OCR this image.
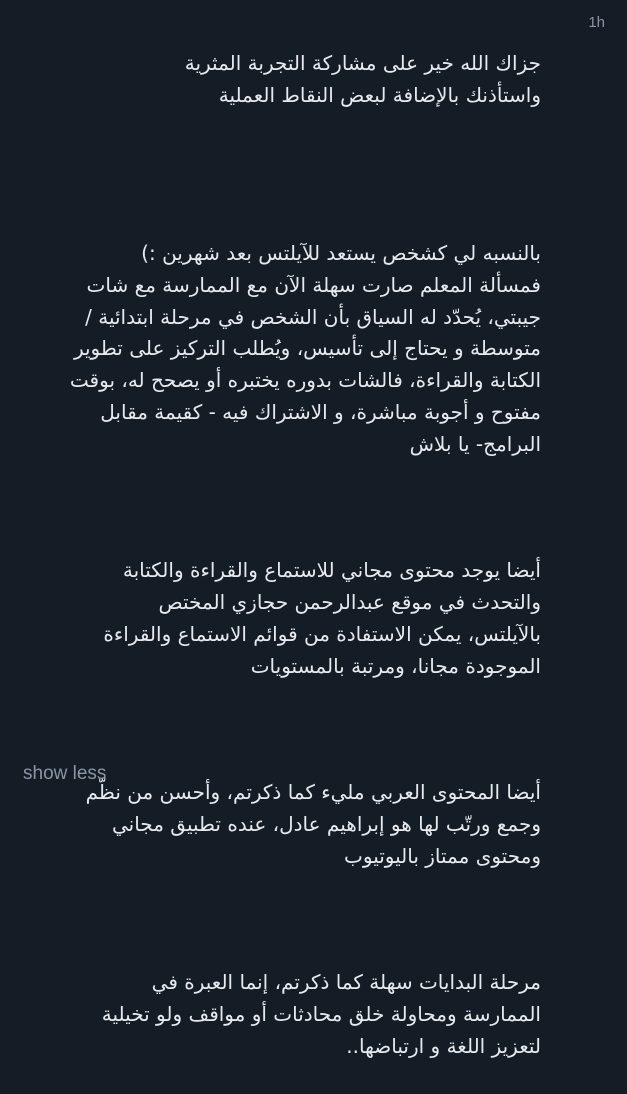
1h

جزاك الله خير على مشاركة التجربة المثرية
واستأذنك بالإضافة لبعض النقاط العملية

بالنسبه لي كشخص يستعد للآيلتس بعد شهرين :)
فمسألة المعلم صارت سهلة الآن مع الممارسة مع شات
جيبتي، يُحدّد له السياق بأن الشخص في مرحلة ابتدائية /
متوسطة و يحتاج إلى تأسيس، ويُطلب التركيز على تطوير
الكتابة والقراءة، فالشات بدوره يختبره أو يصحح له، بوقت
مفتوح و أجوبة مباشرة، و الاشتراك فيه - كقيمة مقابل
البرامج- يا بلاش

أيضا يوجد محتوى مجاني للاستماع والقراءة والكتابة
والتحدث في موقع عبدالرحمن حجازي المختص
بالآيلتس، يمكن الاستفادة من قوائم الاستماع والقراءة
الموجودة مجانا، ومرتبة بالمستويات

أيضا المحتوى العربي مليء كما ذكرتم، وأحسن من نظّم
وجمع ورتّب لها هو إبراهيم عادل، عنده تطبيق مجاني
ومحتوى ممتاز باليوتيوب

مرحلة البدايات سهلة كما ذكرتم، إنما العبرة في
الممارسة ومحاولة خلق محادثات أو مواقف ولو تخيلية
لتعزيز اللغة و ارتباضها..

show less
